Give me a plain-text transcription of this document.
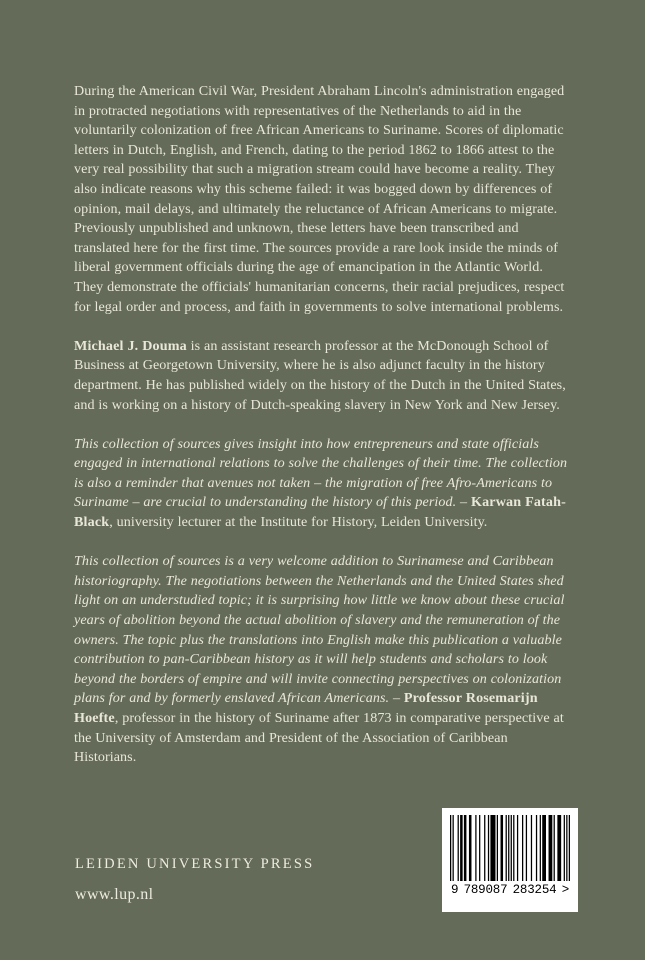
During the American Civil War, President Abraham Lincoln's administration engaged in protracted negotiations with representatives of the Netherlands to aid in the voluntarily colonization of free African Americans to Suriname. Scores of diplomatic letters in Dutch, English, and French, dating to the period 1862 to 1866 attest to the very real possibility that such a migration stream could have become a reality. They also indicate reasons why this scheme failed: it was bogged down by differences of opinion, mail delays, and ultimately the reluctance of African Americans to migrate.

Previously unpublished and unknown, these letters have been transcribed and translated here for the first time. The sources provide a rare look inside the minds of liberal government officials during the age of emancipation in the Atlantic World. They demonstrate the officials' humanitarian concerns, their racial prejudices, respect for legal order and process, and faith in governments to solve international problems.

Michael J. Douma is an assistant research professor at the McDonough School of Business at Georgetown University, where he is also adjunct faculty in the history department. He has published widely on the history of the Dutch in the United States, and is working on a history of Dutch-speaking slavery in New York and New Jersey.

This collection of sources gives insight into how entrepreneurs and state officials engaged in international relations to solve the challenges of their time. The collection is also a reminder that avenues not taken – the migration of free Afro-Americans to Suriname – are crucial to understanding the history of this period. – Karwan Fatah-Black, university lecturer at the Institute for History, Leiden University.

This collection of sources is a very welcome addition to Surinamese and Caribbean historiography. The negotiations between the Netherlands and the United States shed light on an understudied topic; it is surprising how little we know about these crucial years of abolition beyond the actual abolition of slavery and the remuneration of the owners. The topic plus the translations into English make this publication a valuable contribution to pan-Caribbean history as it will help students and scholars to look beyond the borders of empire and will invite connecting perspectives on colonization plans for and by formerly enslaved African Americans. – Professor Rosemarijn Hoefte, professor in the history of Suriname after 1873 in comparative perspective at the University of Amsterdam and President of the Association of Caribbean Historians.

LEIDEN UNIVERSITY PRESS
www.lup.nl	9 789087 283254 >
